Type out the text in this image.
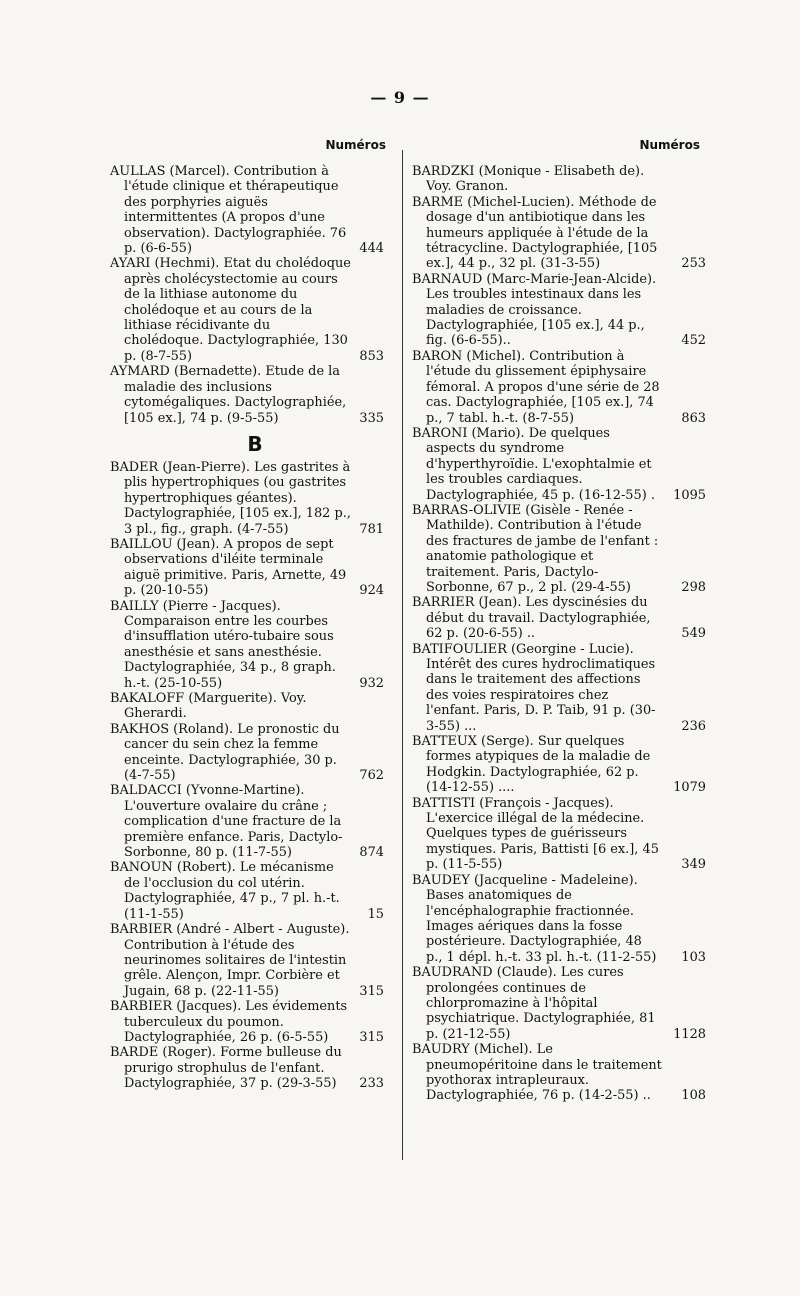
— 9 —
Numéros
AULLAS (Marcel). Contribution à l'étude clinique et thérapeutique des porphyries aiguës intermittentes (A propos d'une observation). Dactylographiée. 76 p. (6-6-55)	444
AYARI (Hechmi). Etat du cholédoque après cholécystectomie au cours de la lithiase autonome du cholédoque et au cours de la lithiase récidivante du cholédoque. Dactylographiée, 130 p. (8-7-55)	853
AYMARD (Bernadette). Etude de la maladie des inclusions cytomégaliques. Dactylographiée, [105 ex.], 74 p. (9-5-55)	335
B
BADER (Jean-Pierre). Les gastrites à plis hypertrophiques (ou gastrites hypertrophiques géantes). Dactylographiée, [105 ex.], 182 p., 3 pl., fig., graph. (4-7-55)	781
BAILLOU (Jean). A propos de sept observations d'iléite terminale aiguë primitive. Paris, Arnette, 49 p. (20-10-55)	924
BAILLY (Pierre - Jacques). Comparaison entre les courbes d'insufflation utéro-tubaire sous anesthésie et sans anesthésie. Dactylographiée, 34 p., 8 graph. h.-t. (25-10-55)	932
BAKALOFF (Marguerite). Voy. Gherardi.
BAKHOS (Roland). Le pronostic du cancer du sein chez la femme enceinte. Dactylographiée, 30 p. (4-7-55)	762
BALDACCI (Yvonne-Martine). L'ouverture ovalaire du crâne ; complication d'une fracture de la première enfance. Paris, Dactylo-Sorbonne, 80 p. (11-7-55)	874
BANOUN (Robert). Le mécanisme de l'occlusion du col utérin. Dactylographiée, 47 p., 7 pl. h.-t. (11-1-55)	15
BARBIER (André - Albert - Auguste). Contribution à l'étude des neurinomes solitaires de l'intestin grêle. Alençon, Impr. Corbière et Jugain, 68 p. (22-11-55)	315
BARBIER (Jacques). Les évidements tuberculeux du poumon. Dactylographiée, 26 p. (6-5-55)	315
BARDE (Roger). Forme bulleuse du prurigo strophulus de l'enfant. Dactylographiée, 37 p. (29-3-55)	233
Numéros
BARDZKI (Monique - Elisabeth de). Voy. Granon.
BARME (Michel-Lucien). Méthode de dosage d'un antibiotique dans les humeurs appliquée à l'étude de la tétracycline. Dactylographiée, [105 ex.], 44 p., 32 pl. (31-3-55)	253
BARNAUD (Marc-Marie-Jean-Alcide). Les troubles intestinaux dans les maladies de croissance. Dactylographiée, [105 ex.], 44 p., fig. (6-6-55)..	452
BARON (Michel). Contribution à l'étude du glissement épiphysaire fémoral. A propos d'une série de 28 cas. Dactylographiée, [105 ex.], 74 p., 7 tabl. h.-t. (8-7-55)	863
BARONI (Mario). De quelques aspects du syndrome d'hyperthyroïdie. L'exophtalmie et les troubles cardiaques. Dactylographiée, 45 p. (16-12-55) .	1095
BARRAS-OLIVIE (Gisèle - Renée - Mathilde). Contribution à l'étude des fractures de jambe de l'enfant : anatomie pathologique et traitement. Paris, Dactylo-Sorbonne, 67 p., 2 pl. (29-4-55)	298
BARRIER (Jean). Les dyscinésies du début du travail. Dactylographiée, 62 p. (20-6-55) ..	549
BATIFOULIER (Georgine - Lucie). Intérêt des cures hydroclimatiques dans le traitement des affections des voies respiratoires chez l'enfant. Paris, D. P. Taib, 91 p. (30-3-55) ...	236
BATTEUX (Serge). Sur quelques formes atypiques de la maladie de Hodgkin. Dactylographiée, 62 p. (14-12-55) ....	1079
BATTISTI (François - Jacques). L'exercice illégal de la médecine. Quelques types de guérisseurs mystiques. Paris, Battisti [6 ex.], 45 p. (11-5-55)	349
BAUDEY (Jacqueline - Madeleine). Bases anatomiques de l'encéphalographie fractionnée. Images aériques dans la fosse postérieure. Dactylographiée, 48 p., 1 dépl. h.-t. 33 pl. h.-t. (11-2-55)	103
BAUDRAND (Claude). Les cures prolongées continues de chlorpromazine à l'hôpital psychiatrique. Dactylographiée, 81 p. (21-12-55)	1128
BAUDRY (Michel). Le pneumopéritoine dans le traitement pyothorax intrapleuraux. Dactylographiée, 76 p. (14-2-55) ..	108
